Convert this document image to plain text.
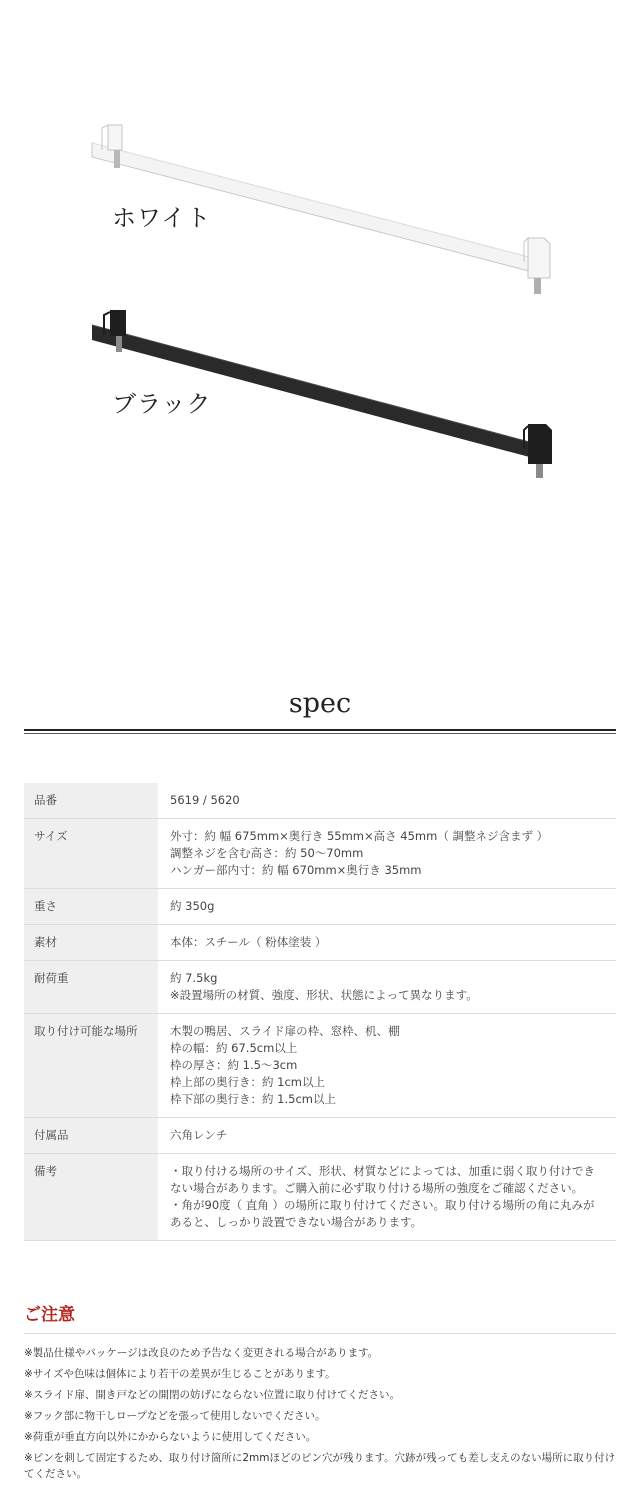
ホワイト
ブラック
spec
品番	5619 / 5620

サイズ	外寸：約 幅 675mm×奥行き 55mm×高さ 45mm（ 調整ネジ含まず ）
調整ネジを含む高さ：約 50～70mm
ハンガー部内寸：約 幅 670mm×奥行き 35mm

重さ	約 350g

素材	本体：スチール（ 粉体塗装 ）

耐荷重	約 7.5kg
※設置場所の材質、強度、形状、状態によって異なります。

取り付け可能な場所	木製の鴨居、スライド扉の枠、窓枠、机、棚
枠の幅：約 67.5cm以上
枠の厚さ：約 1.5～3cm
枠上部の奥行き：約 1cm以上
枠下部の奥行き：約 1.5cm以上

付属品	六角レンチ

備考	・取り付ける場所のサイズ、形状、材質などによっては、加重に弱く取り付けできない場合があります。ご購入前に必ず取り付ける場所の強度をご確認ください。
・角が90度（ 直角 ）の場所に取り付けてください。取り付ける場所の角に丸みがあると、しっかり設置できない場合があります。
ご注意
※製品仕様やパッケージは改良のため予告なく変更される場合があります。
※サイズや色味は個体により若干の差異が生じることがあります。
※スライド扉、開き戸などの開閉の妨げにならない位置に取り付けてください。
※フック部に物干しロープなどを張って使用しないでください。
※荷重が垂直方向以外にかからないように使用してください。
※ピンを刺して固定するため、取り付け箇所に2mmほどのピン穴が残ります。穴跡が残っても差し支えのない場所に取り付けてください。
